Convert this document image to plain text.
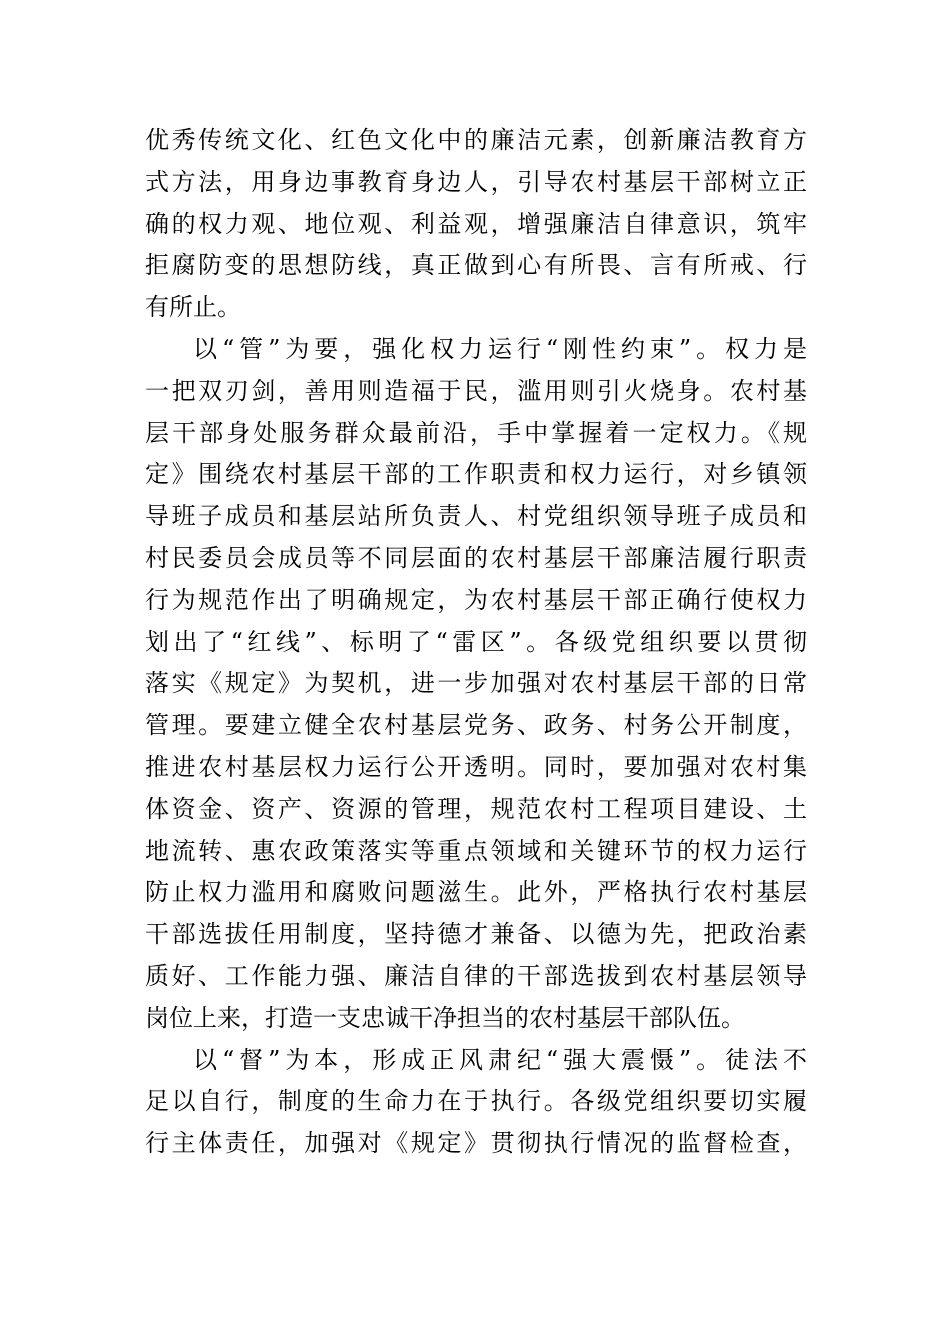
优秀传统文化、红色文化中的廉洁元素，创新廉洁教育方
式方法，用身边事教育身边人，引导农村基层干部树立正
确的权力观、地位观、利益观，增强廉洁自律意识，筑牢
拒腐防变的思想防线，真正做到心有所畏、言有所戒、行
有所止。
以“管”为要，强化权力运行“刚性约束”。权力是
一把双刃剑，善用则造福于民，滥用则引火烧身。农村基
层干部身处服务群众最前沿，手中掌握着一定权力。《规
定》围绕农村基层干部的工作职责和权力运行，对乡镇领
导班子成员和基层站所负责人、村党组织领导班子成员和
村民委员会成员等不同层面的农村基层干部廉洁履行职责
行为规范作出了明确规定，为农村基层干部正确行使权力
划出了“红线”、标明了“雷区”。各级党组织要以贯彻
落实《规定》为契机，进一步加强对农村基层干部的日常
管理。要建立健全农村基层党务、政务、村务公开制度，
推进农村基层权力运行公开透明。同时，要加强对农村集
体资金、资产、资源的管理，规范农村工程项目建设、土
地流转、惠农政策落实等重点领域和关键环节的权力运行
防止权力滥用和腐败问题滋生。此外，严格执行农村基层
干部选拔任用制度，坚持德才兼备、以德为先，把政治素
质好、工作能力强、廉洁自律的干部选拔到农村基层领导
岗位上来，打造一支忠诚干净担当的农村基层干部队伍。
以“督”为本，形成正风肃纪“强大震慑”。徒法不
足以自行，制度的生命力在于执行。各级党组织要切实履
行主体责任，加强对《规定》贯彻执行情况的监督检查，
